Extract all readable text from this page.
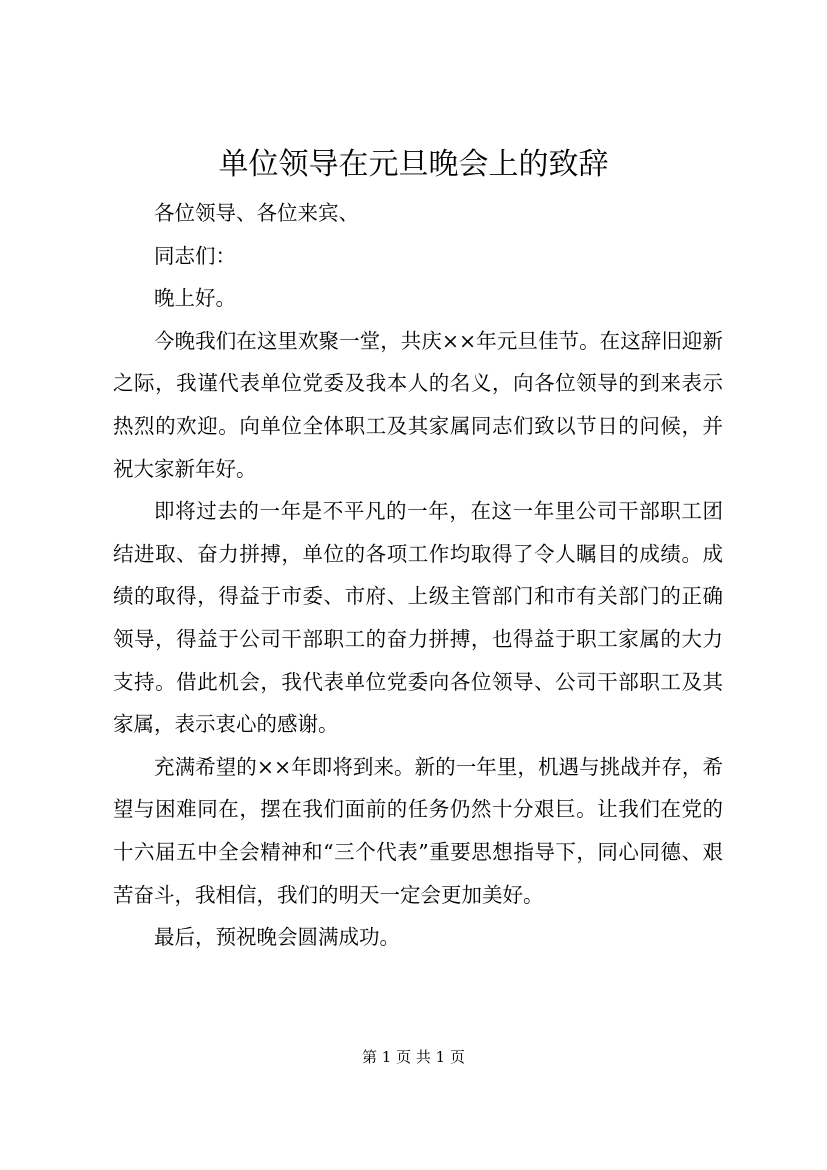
单位领导在元旦晚会上的致辞

各位领导、各位来宾、

同志们：

晚上好。

今晚我们在这里欢聚一堂，共庆××年元旦佳节。在这辞旧迎新之际，我谨代表单位党委及我本人的名义，向各位领导的到来表示热烈的欢迎。向单位全体职工及其家属同志们致以节日的问候，并祝大家新年好。

即将过去的一年是不平凡的一年，在这一年里公司干部职工团结进取、奋力拼搏，单位的各项工作均取得了令人瞩目的成绩。成绩的取得，得益于市委、市府、上级主管部门和市有关部门的正确领导，得益于公司干部职工的奋力拼搏，也得益于职工家属的大力支持。借此机会，我代表单位党委向各位领导、公司干部职工及其家属，表示衷心的感谢。

充满希望的××年即将到来。新的一年里，机遇与挑战并存，希望与困难同在，摆在我们面前的任务仍然十分艰巨。让我们在党的十六届五中全会精神和“三个代表”重要思想指导下，同心同德、艰苦奋斗，我相信，我们的明天一定会更加美好。

最后，预祝晚会圆满成功。

第 1 页 共 1 页
